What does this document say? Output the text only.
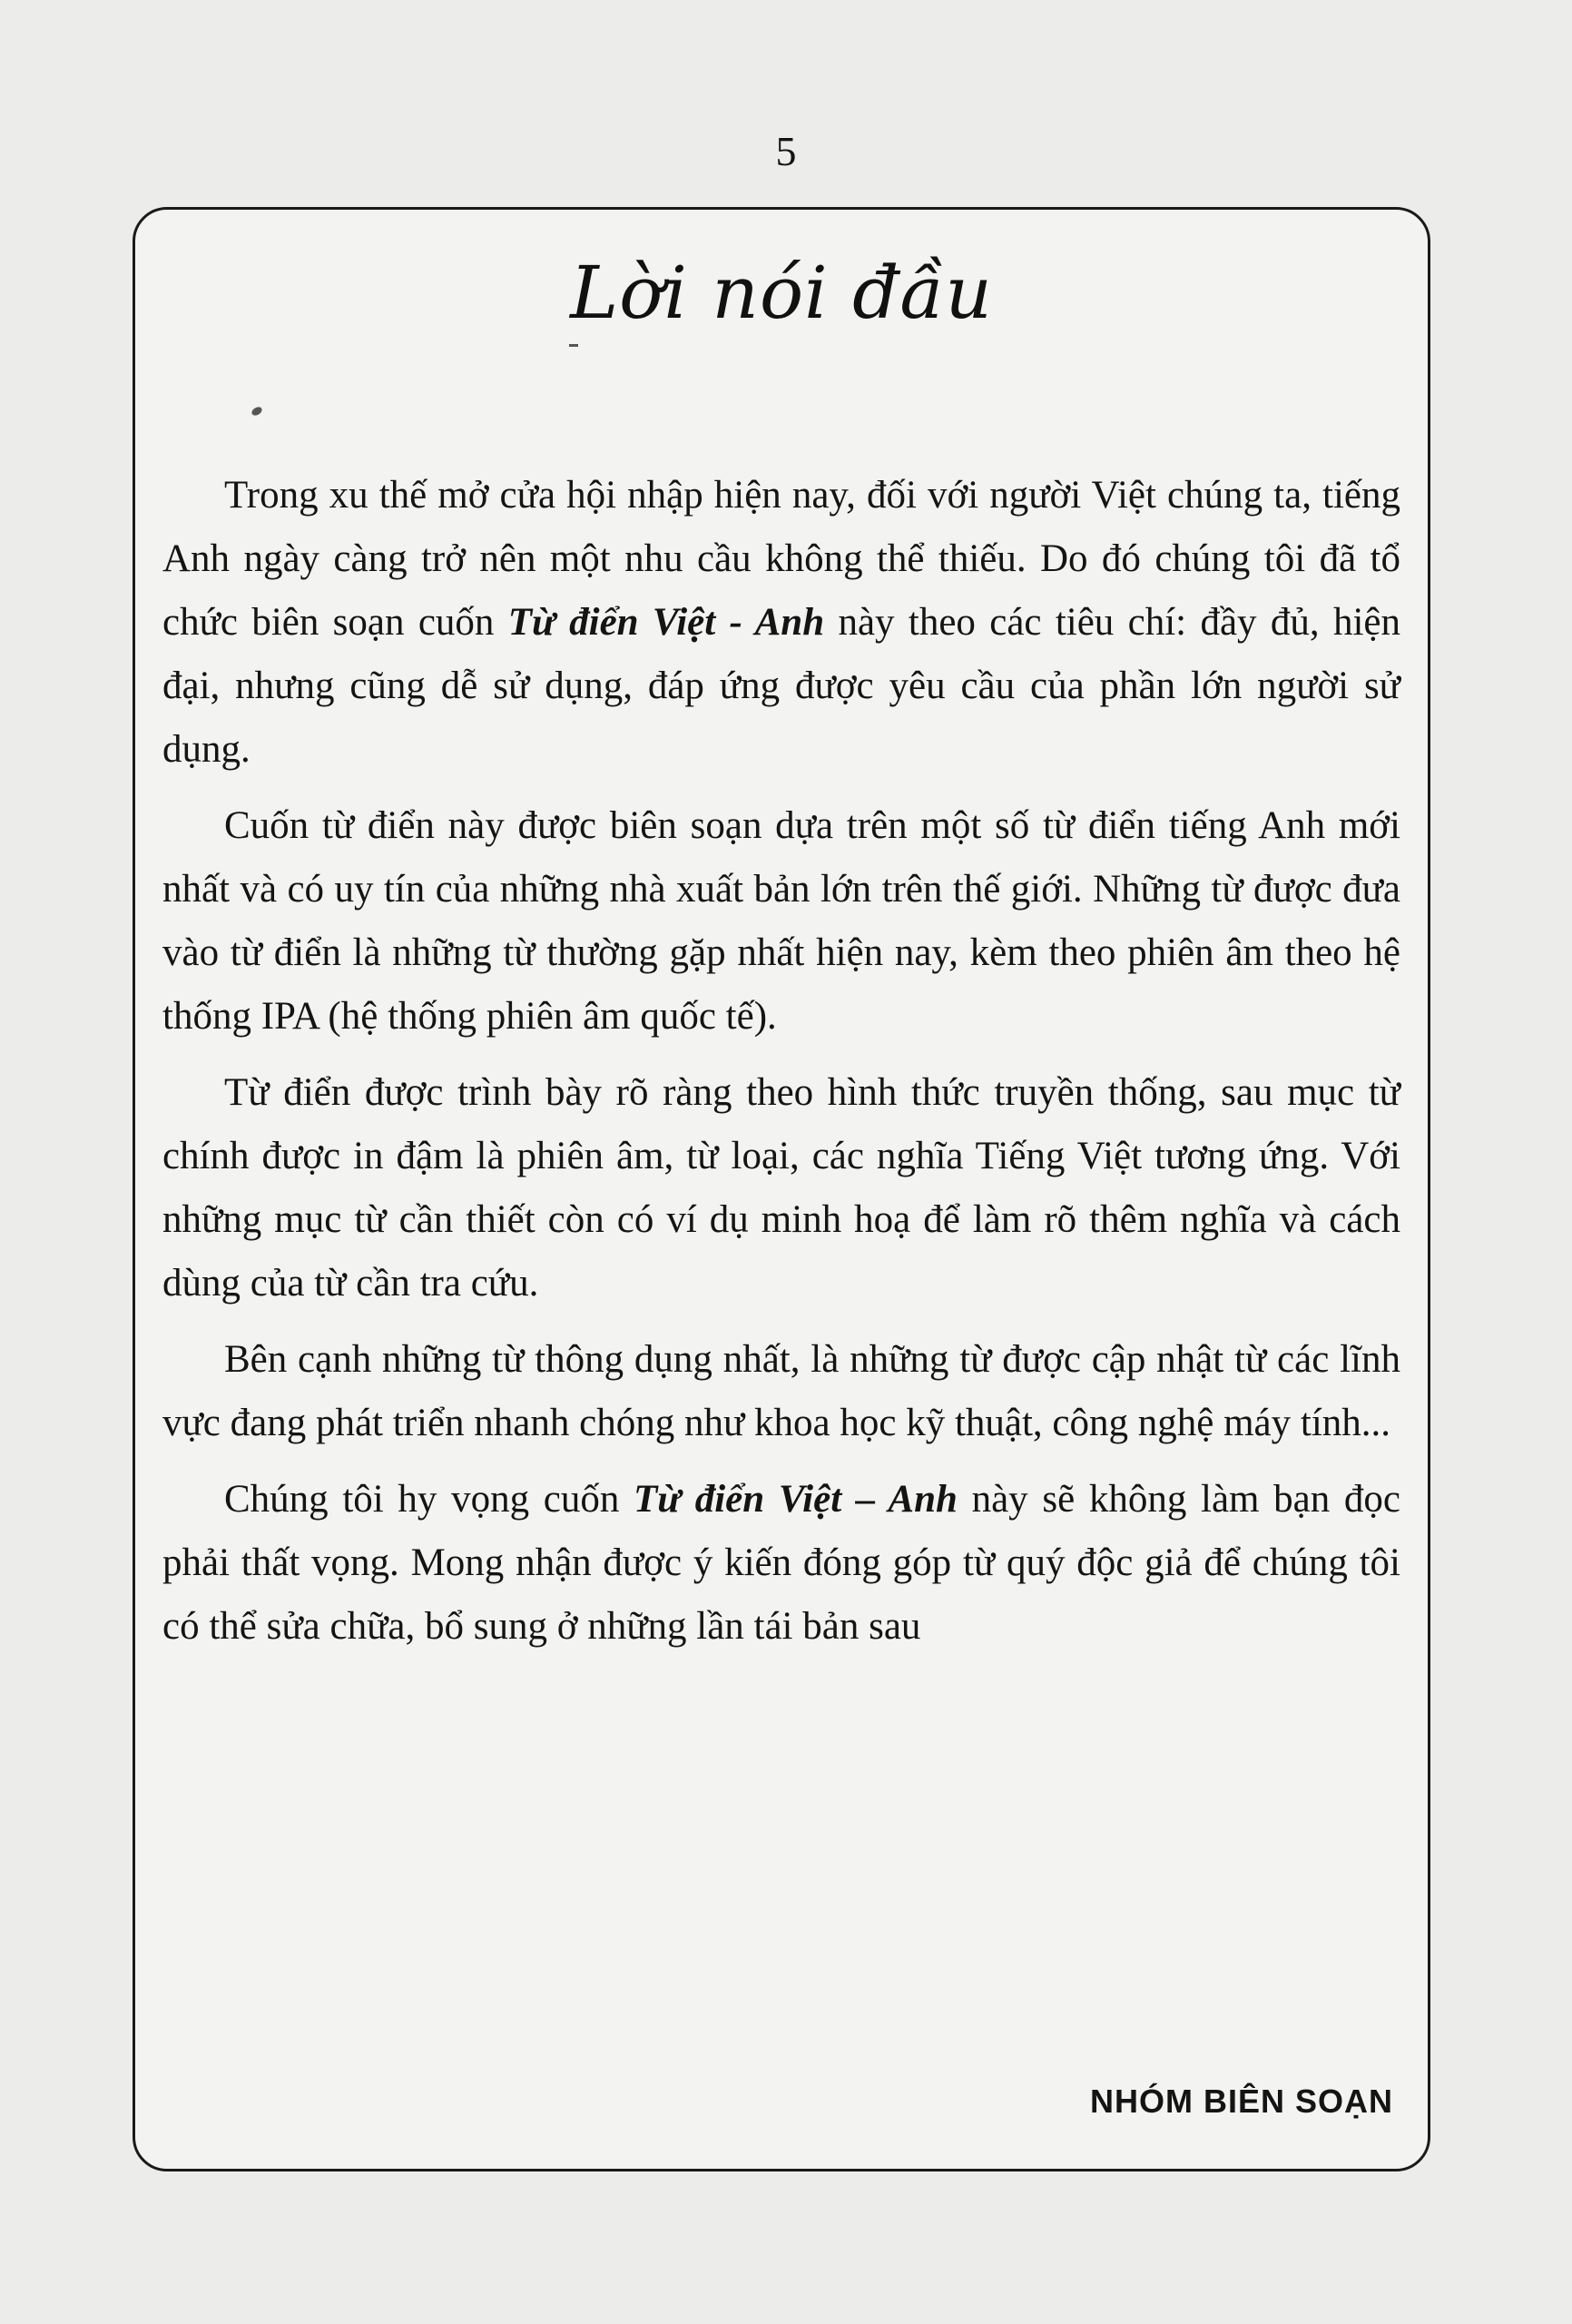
5
Lời nói đầu

Trong xu thế mở cửa hội nhập hiện nay, đối với người Việt chúng ta, tiếng Anh ngày càng trở nên một nhu cầu không thể thiếu. Do đó chúng tôi đã tổ chức biên soạn cuốn Từ điển Việt - Anh này theo các tiêu chí: đầy đủ, hiện đại, nhưng cũng dễ sử dụng, đáp ứng được yêu cầu của phần lớn người sử dụng.

Cuốn từ điển này được biên soạn dựa trên một số từ điển tiếng Anh mới nhất và có uy tín của những nhà xuất bản lớn trên thế giới. Những từ được đưa vào từ điển là những từ thường gặp nhất hiện nay, kèm theo phiên âm theo hệ thống IPA (hệ thống phiên âm quốc tế).

Từ điển được trình bày rõ ràng theo hình thức truyền thống, sau mục từ chính được in đậm là phiên âm, từ loại, các nghĩa Tiếng Việt tương ứng. Với những mục từ cần thiết còn có ví dụ minh hoạ để làm rõ thêm nghĩa và cách dùng của từ cần tra cứu.

Bên cạnh những từ thông dụng nhất, là những từ được cập nhật từ các lĩnh vực đang phát triển nhanh chóng như khoa học kỹ thuật, công nghệ máy tính...

Chúng tôi hy vọng cuốn Từ điển Việt – Anh này sẽ không làm bạn đọc phải thất vọng. Mong nhận được ý kiến đóng góp từ quý độc giả để chúng tôi có thể sửa chữa, bổ sung ở những lần tái bản sau

NHÓM BIÊN SOẠN
